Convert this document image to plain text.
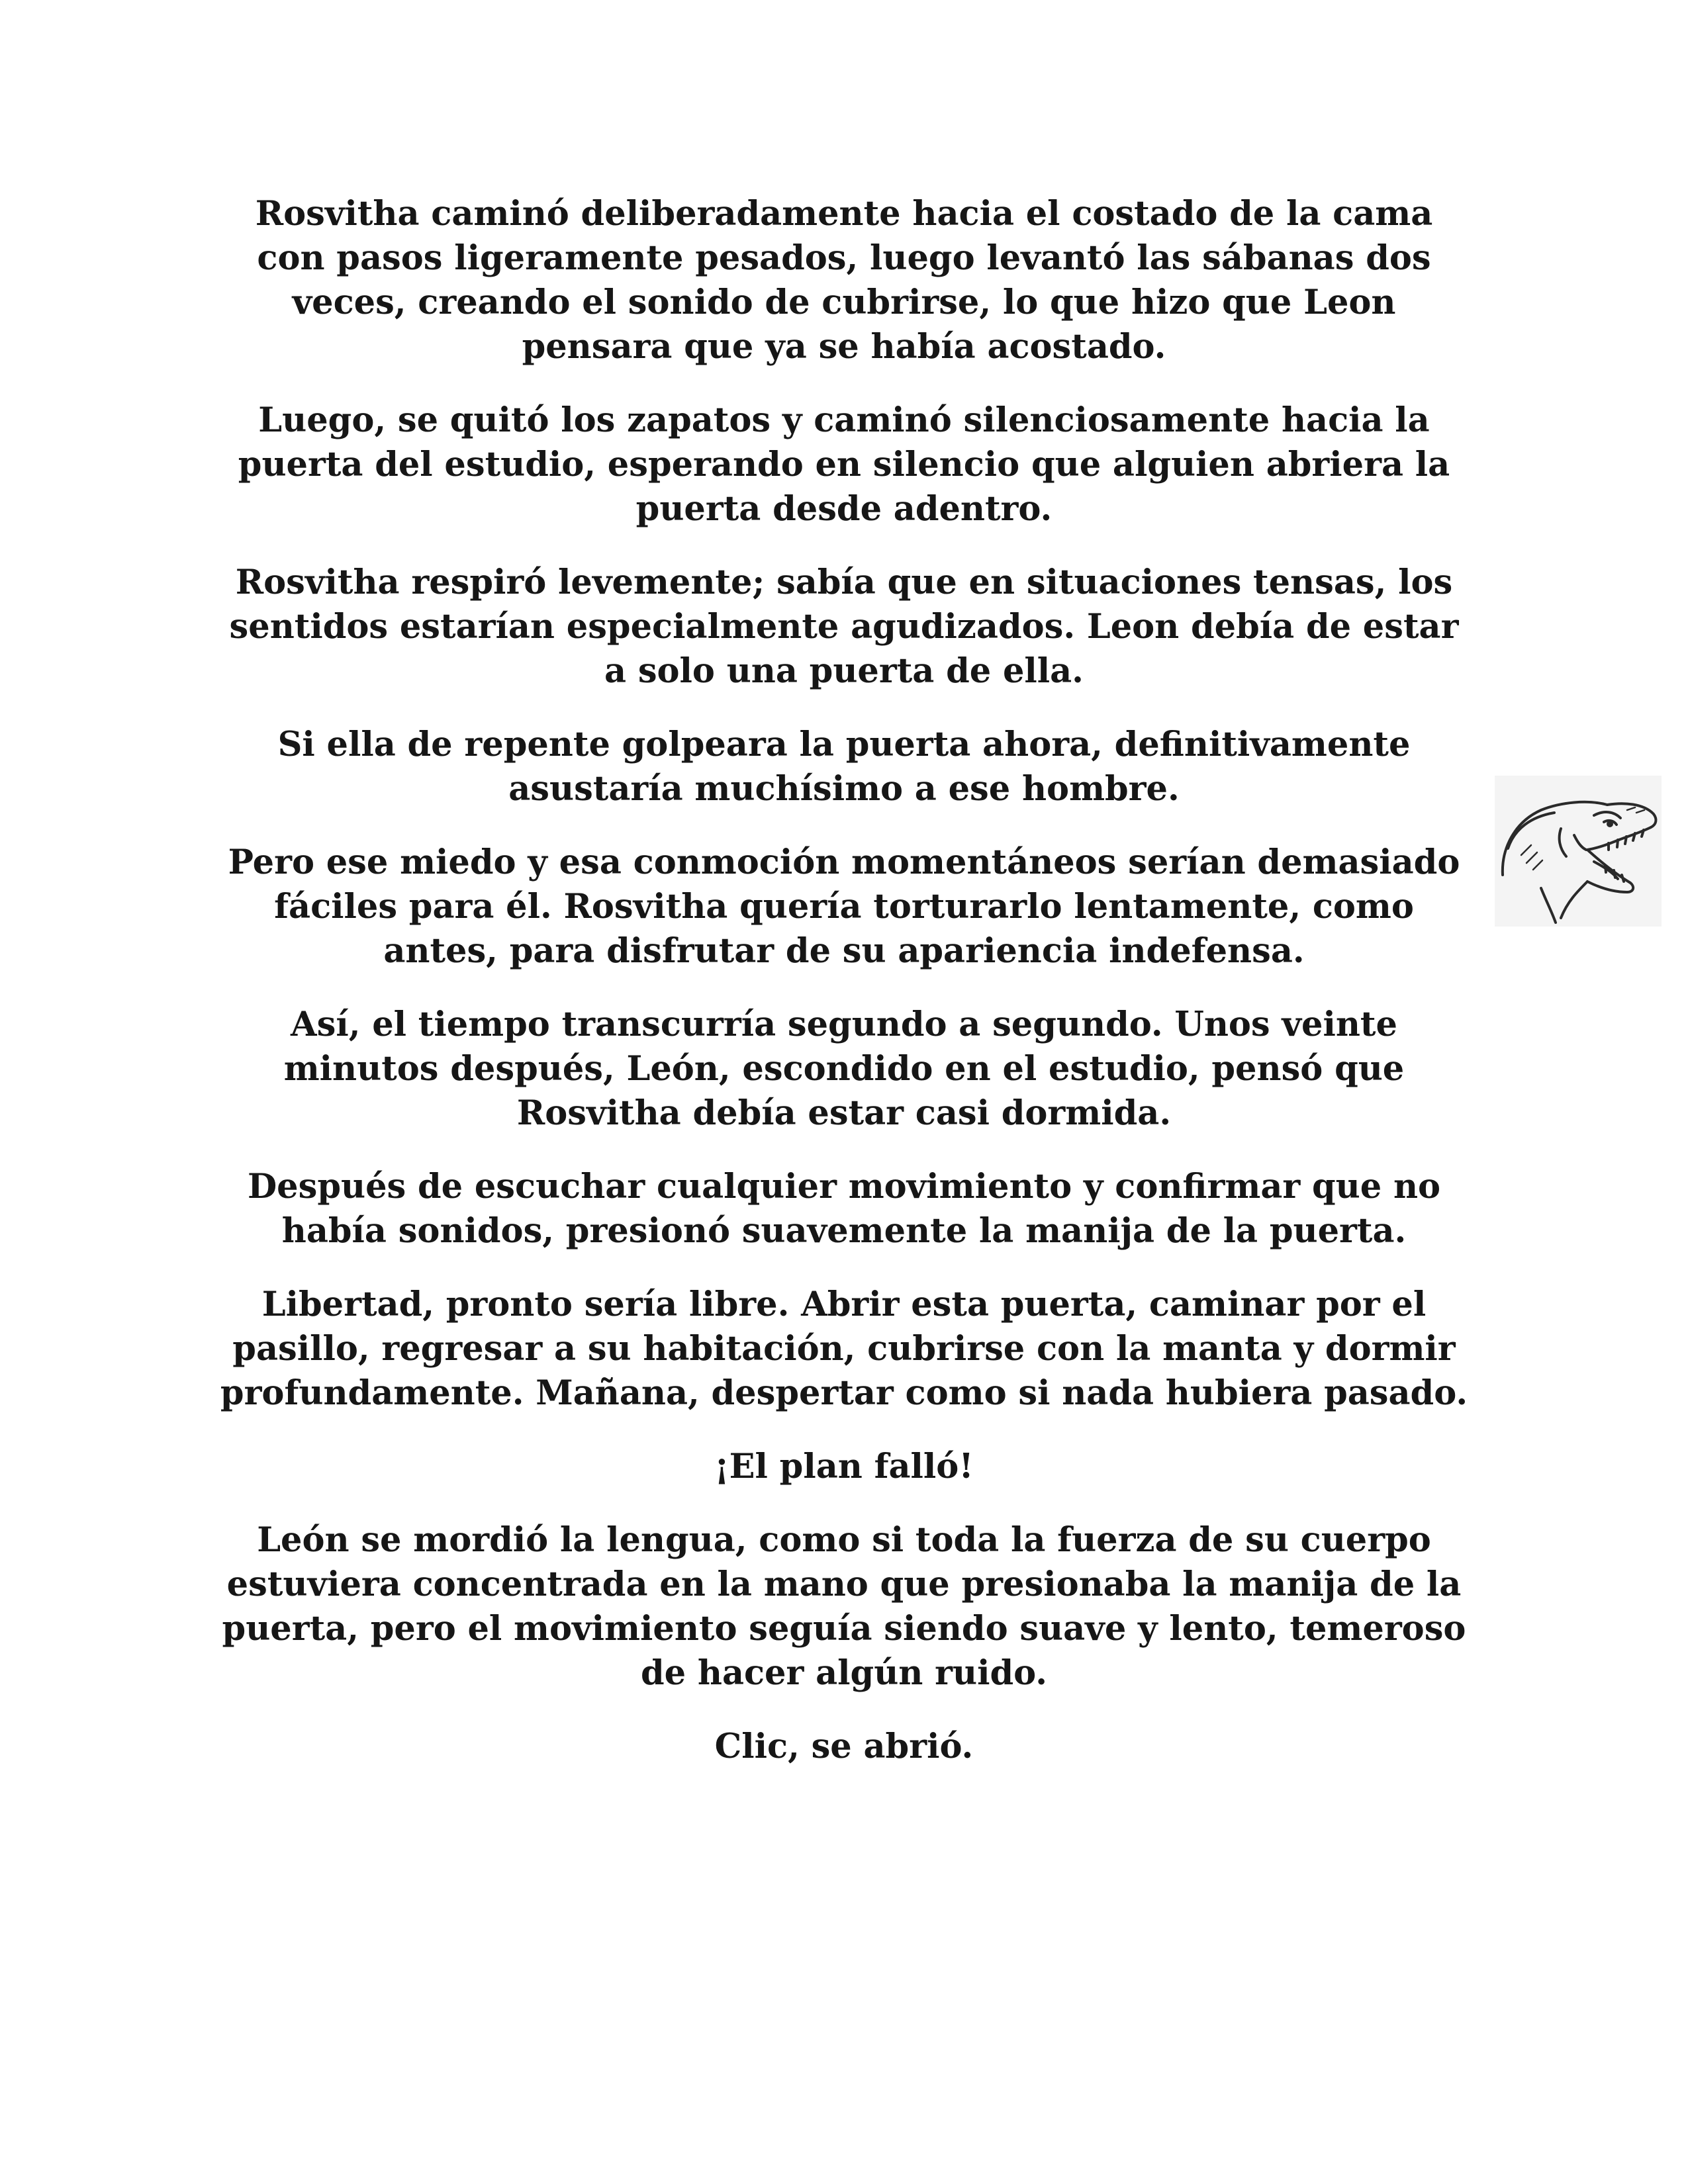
Rosvitha caminó deliberadamente hacia el costado de la cama con pasos ligeramente pesados, luego levantó las sábanas dos veces, creando el sonido de cubrirse, lo que hizo que Leon pensara que ya se había acostado.

Luego, se quitó los zapatos y caminó silenciosamente hacia la puerta del estudio, esperando en silencio que alguien abriera la puerta desde adentro.

Rosvitha respiró levemente; sabía que en situaciones tensas, los sentidos estarían especialmente agudizados. Leon debía de estar a solo una puerta de ella.

Si ella de repente golpeara la puerta ahora, definitivamente asustaría muchísimo a ese hombre.

Pero ese miedo y esa conmoción momentáneos serían demasiado fáciles para él. Rosvitha quería torturarlo lentamente, como antes, para disfrutar de su apariencia indefensa.

Así, el tiempo transcurría segundo a segundo. Unos veinte minutos después, León, escondido en el estudio, pensó que Rosvitha debía estar casi dormida.

Después de escuchar cualquier movimiento y confirmar que no había sonidos, presionó suavemente la manija de la puerta.

Libertad, pronto sería libre. Abrir esta puerta, caminar por el pasillo, regresar a su habitación, cubrirse con la manta y dormir profundamente. Mañana, despertar como si nada hubiera pasado.

¡El plan falló!

León se mordió la lengua, como si toda la fuerza de su cuerpo estuviera concentrada en la mano que presionaba la manija de la puerta, pero el movimiento seguía siendo suave y lento, temeroso de hacer algún ruido.

Clic, se abrió.
